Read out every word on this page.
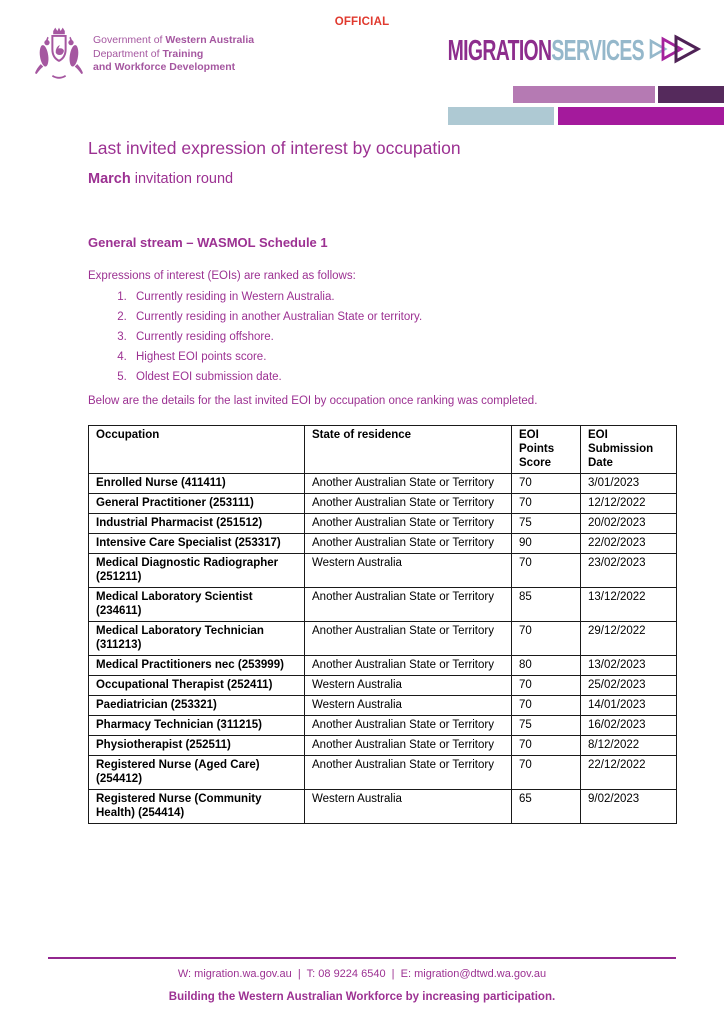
Government of Western Australia
Department of Training
and Workforce Development
OFFICIAL
MIGRATIONSERVICES
Last invited expression of interest by occupation
March invitation round
General stream – WASMOL Schedule 1

Expressions of interest (EOIs) are ranked as follows:

1. Currently residing in Western Australia.
2. Currently residing in another Australian State or territory.
3. Currently residing offshore.
4. Highest EOI points score.
5. Oldest EOI submission date.

Below are the details for the last invited EOI by occupation once ranking was completed.

Occupation	State of residence	EOI Points Score	EOI Submission Date
Enrolled Nurse (411411)	Another Australian State or Territory	70	3/01/2023
General Practitioner (253111)	Another Australian State or Territory	70	12/12/2022
Industrial Pharmacist (251512)	Another Australian State or Territory	75	20/02/2023
Intensive Care Specialist (253317)	Another Australian State or Territory	90	22/02/2023
Medical Diagnostic Radiographer (251211)	Western Australia	70	23/02/2023
Medical Laboratory Scientist (234611)	Another Australian State or Territory	85	13/12/2022
Medical Laboratory Technician (311213)	Another Australian State or Territory	70	29/12/2022
Medical Practitioners nec (253999)	Another Australian State or Territory	80	13/02/2023
Occupational Therapist (252411)	Western Australia	70	25/02/2023
Paediatrician (253321)	Western Australia	70	14/01/2023
Pharmacy Technician (311215)	Another Australian State or Territory	75	16/02/2023
Physiotherapist (252511)	Another Australian State or Territory	70	8/12/2022
Registered Nurse (Aged Care) (254412)	Another Australian State or Territory	70	22/12/2022
Registered Nurse (Community Health) (254414)	Western Australia	65	9/02/2023
W: migration.wa.gov.au  |  T: 08 9224 6540  |  E: migration@dtwd.wa.gov.au
Building the Western Australian Workforce by increasing participation.
